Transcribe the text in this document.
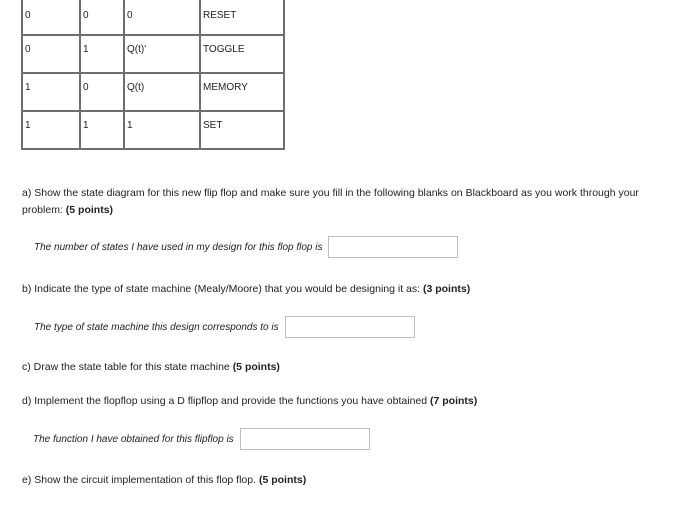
0	0	0	RESET
0	1	Q(t)'	TOGGLE
1	0	Q(t)	MEMORY
1	1	1	SET
a) Show the state diagram for this new flip flop and make sure you fill in the following blanks on Blackboard as you work through your problem: (5 points)
The number of states I have used in my design for this flop flop is
b) Indicate the type of state machine (Mealy/Moore) that you would be designing it as: (3 points)
The type of state machine this design corresponds to is
c) Draw the state table for this state machine (5 points)
d) Implement the flopflop using a D flipflop and provide the functions you have obtained (7 points)
The function I have obtained for this flipflop is
e) Show the circuit implementation of this flop flop. (5 points)
